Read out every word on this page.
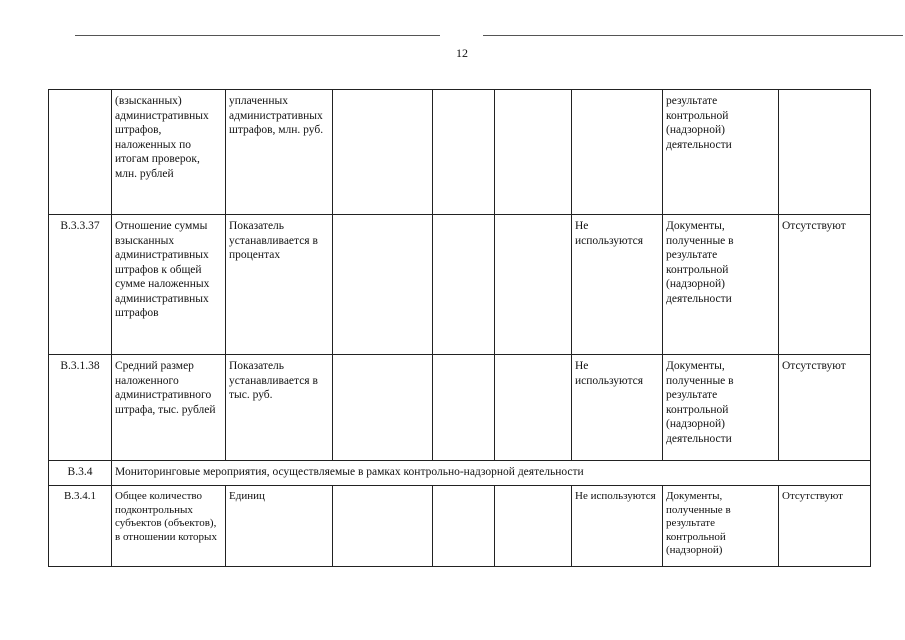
12
	(взысканных) административных штрафов, наложенных по итогам проверок, млн. рублей	уплаченных административных штрафов, млн. руб.					результате контрольной (надзорной) деятельности	
В.3.3.37	Отношение суммы взысканных административных штрафов к общей сумме наложенных административных штрафов	Показатель устанавливается в процентах				Не используются	Документы, полученные в результате контрольной (надзорной) деятельности	Отсутствуют
В.3.1.38	Средний размер наложенного административного штрафа, тыс. рублей	Показатель устанавливается в тыс. руб.				Не используются	Документы, полученные в результате контрольной (надзорной) деятельности	Отсутствуют
В.3.4	Мониторинговые мероприятия, осуществляемые в рамках контрольно-надзорной деятельности							
В.3.4.1	Общее количество подконтрольных субъектов (объектов), в отношении которых	Единиц				Не используются	Документы, полученные в результате контрольной (надзорной)	Отсутствуют
